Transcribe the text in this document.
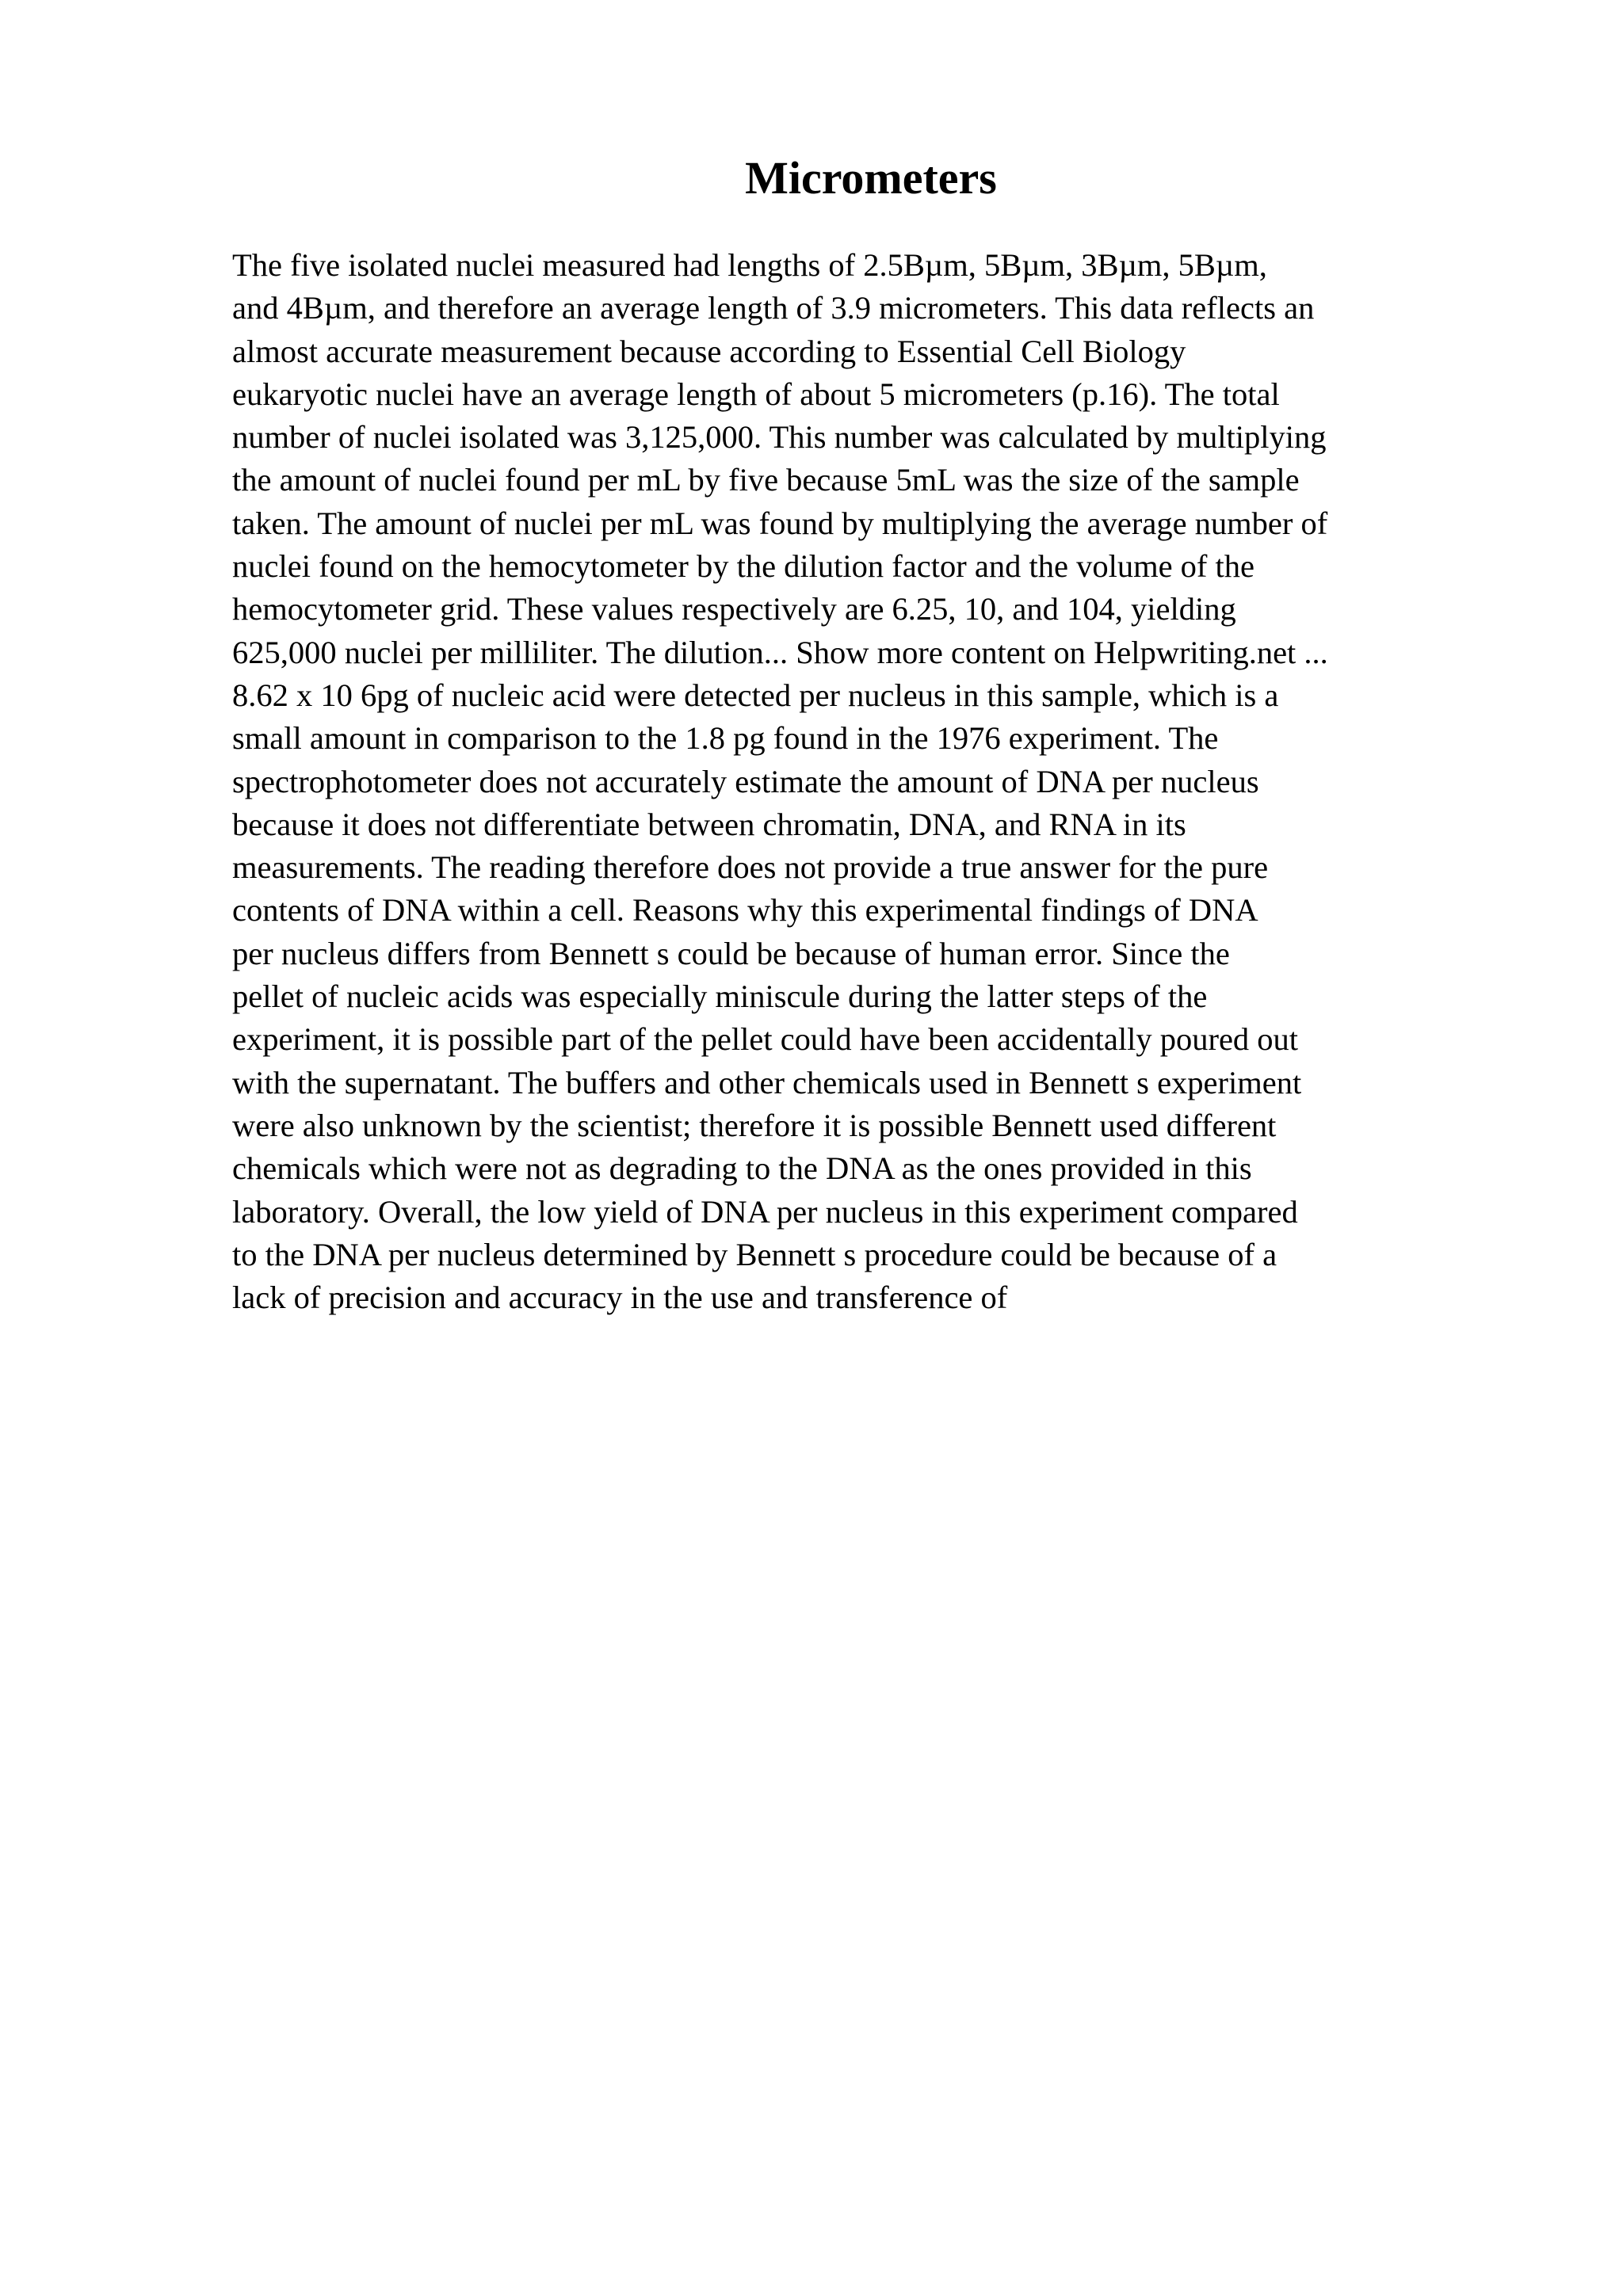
Micrometers
The five isolated nuclei measured had lengths of 2.5Bµm, 5Bµm, 3Bµm, 5Bµm,
and 4Bµm, and therefore an average length of 3.9 micrometers. This data reflects an
almost accurate measurement because according to Essential Cell Biology
eukaryotic nuclei have an average length of about 5 micrometers (p.16). The total
number of nuclei isolated was 3,125,000. This number was calculated by multiplying
the amount of nuclei found per mL by five because 5mL was the size of the sample
taken. The amount of nuclei per mL was found by multiplying the average number of
nuclei found on the hemocytometer by the dilution factor and the volume of the
hemocytometer grid. These values respectively are 6.25, 10, and 104, yielding
625,000 nuclei per milliliter. The dilution... Show more content on Helpwriting.net ...
8.62 x 10 6pg of nucleic acid were detected per nucleus in this sample, which is a
small amount in comparison to the 1.8 pg found in the 1976 experiment. The
spectrophotometer does not accurately estimate the amount of DNA per nucleus
because it does not differentiate between chromatin, DNA, and RNA in its
measurements. The reading therefore does not provide a true answer for the pure
contents of DNA within a cell. Reasons why this experimental findings of DNA
per nucleus differs from Bennett s could be because of human error. Since the
pellet of nucleic acids was especially miniscule during the latter steps of the
experiment, it is possible part of the pellet could have been accidentally poured out
with the supernatant. The buffers and other chemicals used in Bennett s experiment
were also unknown by the scientist; therefore it is possible Bennett used different
chemicals which were not as degrading to the DNA as the ones provided in this
laboratory. Overall, the low yield of DNA per nucleus in this experiment compared
to the DNA per nucleus determined by Bennett s procedure could be because of a
lack of precision and accuracy in the use and transference of
